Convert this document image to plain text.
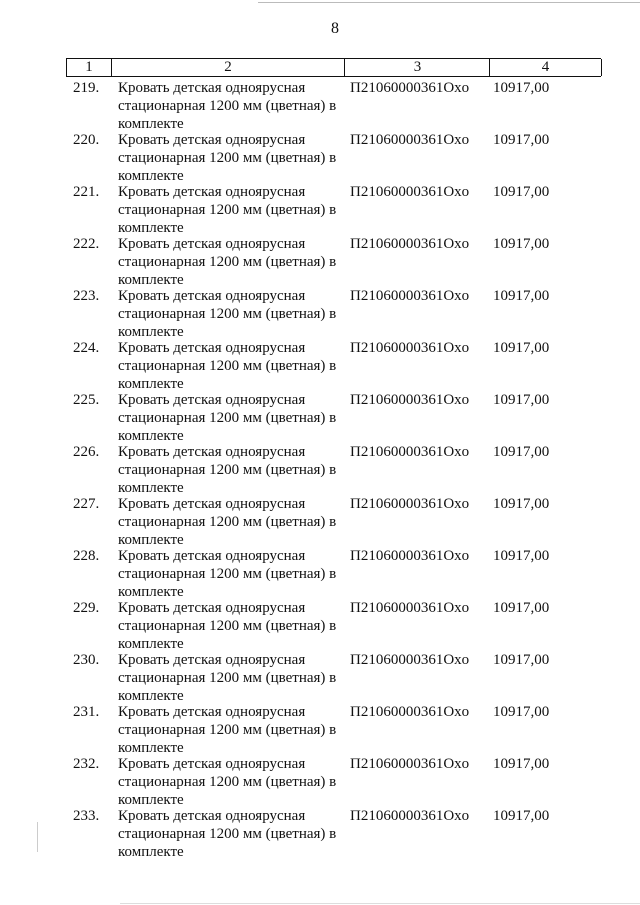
8
1	2	3	4
219. Кровать детская одноярусная
стационарная 1200 мм (цветная) в
комплекте
П21060000361Oxo 10917,00
220. Кровать детская одноярусная
стационарная 1200 мм (цветная) в
комплекте
П21060000361Oxo 10917,00
221. Кровать детская одноярусная
стационарная 1200 мм (цветная) в
комплекте
П21060000361Oxo 10917,00
222. Кровать детская одноярусная
стационарная 1200 мм (цветная) в
комплекте
П21060000361Oxo 10917,00
223. Кровать детская одноярусная
стационарная 1200 мм (цветная) в
комплекте
П21060000361Oxo 10917,00
224. Кровать детская одноярусная
стационарная 1200 мм (цветная) в
комплекте
П21060000361Oxo 10917,00
225. Кровать детская одноярусная
стационарная 1200 мм (цветная) в
комплекте
П21060000361Oxo 10917,00
226. Кровать детская одноярусная
стационарная 1200 мм (цветная) в
комплекте
П21060000361Oxo 10917,00
227. Кровать детская одноярусная
стационарная 1200 мм (цветная) в
комплекте
П21060000361Oxo 10917,00
228. Кровать детская одноярусная
стационарная 1200 мм (цветная) в
комплекте
П21060000361Oxo 10917,00
229. Кровать детская одноярусная
стационарная 1200 мм (цветная) в
комплекте
П21060000361Oxo 10917,00
230. Кровать детская одноярусная
стационарная 1200 мм (цветная) в
комплекте
П21060000361Oxo 10917,00
231. Кровать детская одноярусная
стационарная 1200 мм (цветная) в
комплекте
П21060000361Oxo 10917,00
232. Кровать детская одноярусная
стационарная 1200 мм (цветная) в
комплекте
П21060000361Oxo 10917,00
233. Кровать детская одноярусная
стационарная 1200 мм (цветная) в
комплекте
П21060000361Oxo 10917,00
